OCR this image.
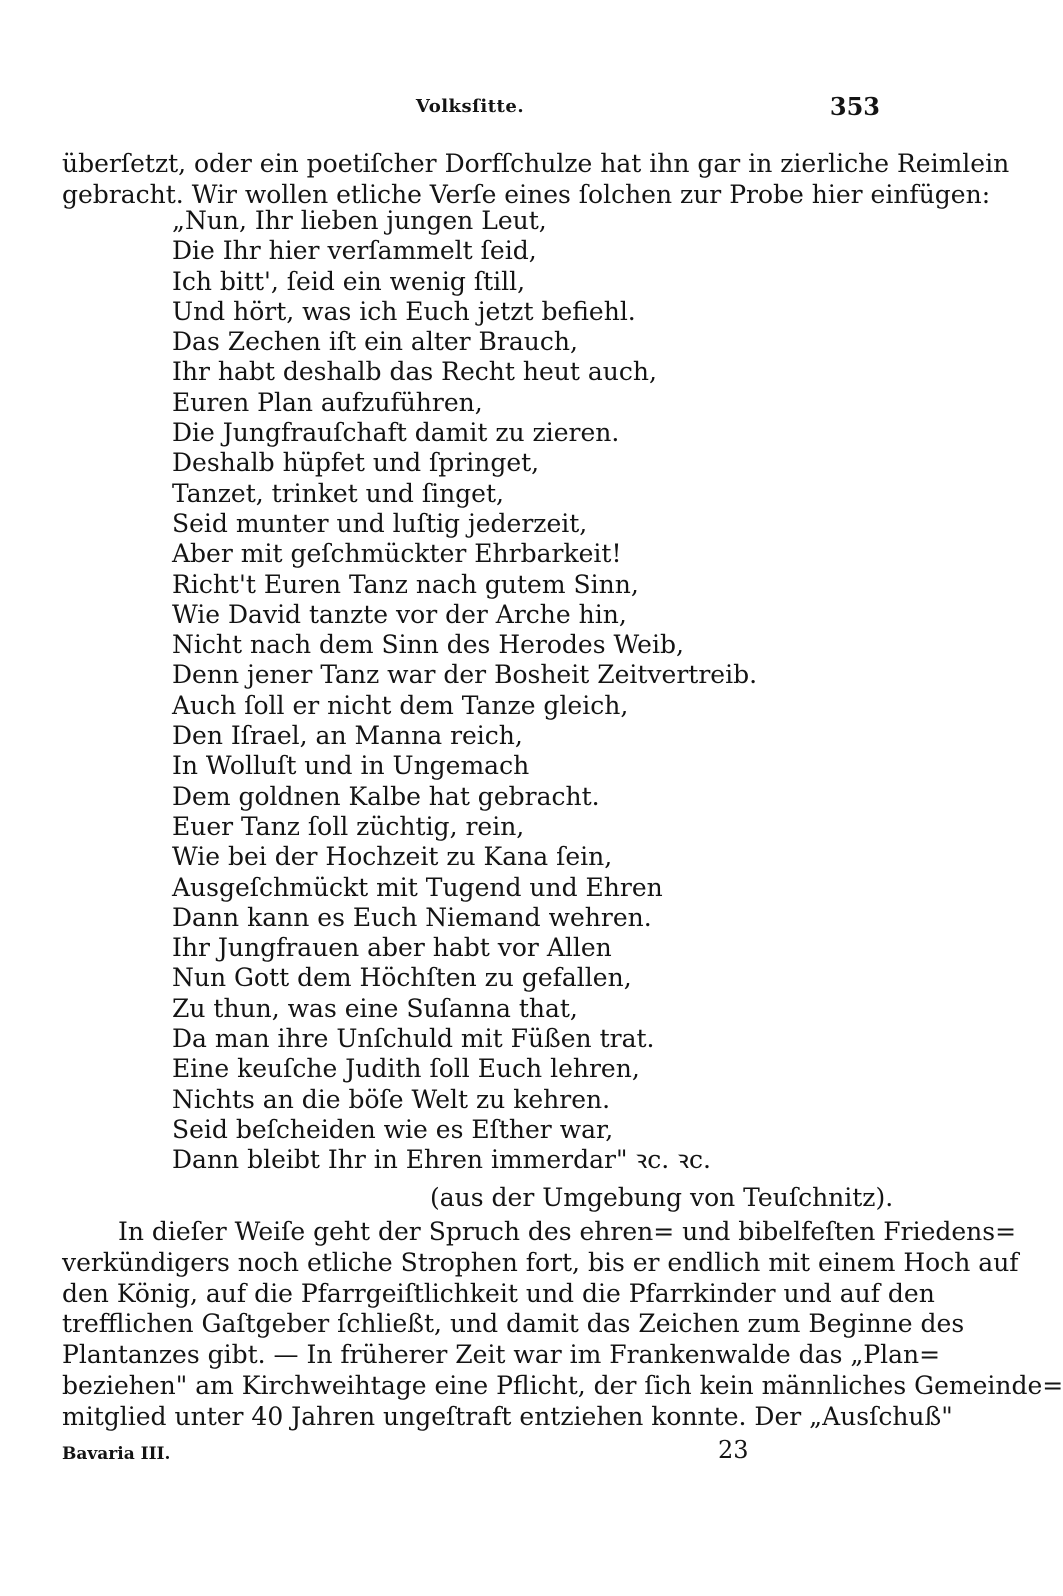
Volksſitte.	353
überſetzt, oder ein poetiſcher Dorfſchulze hat ihn gar in zierliche Reimlein
gebracht. Wir wollen etliche Verſe eines ſolchen zur Probe hier einfügen:
„Nun, Ihr lieben jungen Leut,
Die Ihr hier verſammelt ſeid,
Ich bitt', ſeid ein wenig ſtill,
Und hört, was ich Euch jetzt befiehl.
Das Zechen iſt ein alter Brauch,
Ihr habt deshalb das Recht heut auch,
Euren Plan aufzuführen,
Die Jungfrauſchaft damit zu zieren.
Deshalb hüpfet und ſpringet,
Tanzet, trinket und ſinget,
Seid munter und luſtig jederzeit,
Aber mit geſchmückter Ehrbarkeit!
Richt't Euren Tanz nach gutem Sinn,
Wie David tanzte vor der Arche hin,
Nicht nach dem Sinn des Herodes Weib,
Denn jener Tanz war der Bosheit Zeitvertreib.
Auch ſoll er nicht dem Tanze gleich,
Den Iſrael, an Manna reich,
In Wolluſt und in Ungemach
Dem goldnen Kalbe hat gebracht.
Euer Tanz ſoll züchtig, rein,
Wie bei der Hochzeit zu Kana ſein,
Ausgeſchmückt mit Tugend und Ehren
Dann kann es Euch Niemand wehren.
Ihr Jungfrauen aber habt vor Allen
Nun Gott dem Höchſten zu gefallen,
Zu thun, was eine Suſanna that,
Da man ihre Unſchuld mit Füßen trat.
Eine keuſche Judith ſoll Euch lehren,
Nichts an die böſe Welt zu kehren.
Seid beſcheiden wie es Eſther war,
Dann bleibt Ihr in Ehren immerdar" ꝛc. ꝛc.
(aus der Umgebung von Teuſchnitz).
In dieſer Weiſe geht der Spruch des ehren= und bibelfeſten Friedens=
verkündigers noch etliche Strophen fort, bis er endlich mit einem Hoch auf
den König, auf die Pfarrgeiſtlichkeit und die Pfarrkinder und auf den
trefflichen Gaſtgeber ſchließt, und damit das Zeichen zum Beginne des
Plantanzes gibt. — In früherer Zeit war im Frankenwalde das „Plan=
beziehen" am Kirchweihtage eine Pflicht, der ſich kein männliches Gemeinde=
mitglied unter 40 Jahren ungeſtraft entziehen konnte. Der „Ausſchuß"
Bavaria III.	23
